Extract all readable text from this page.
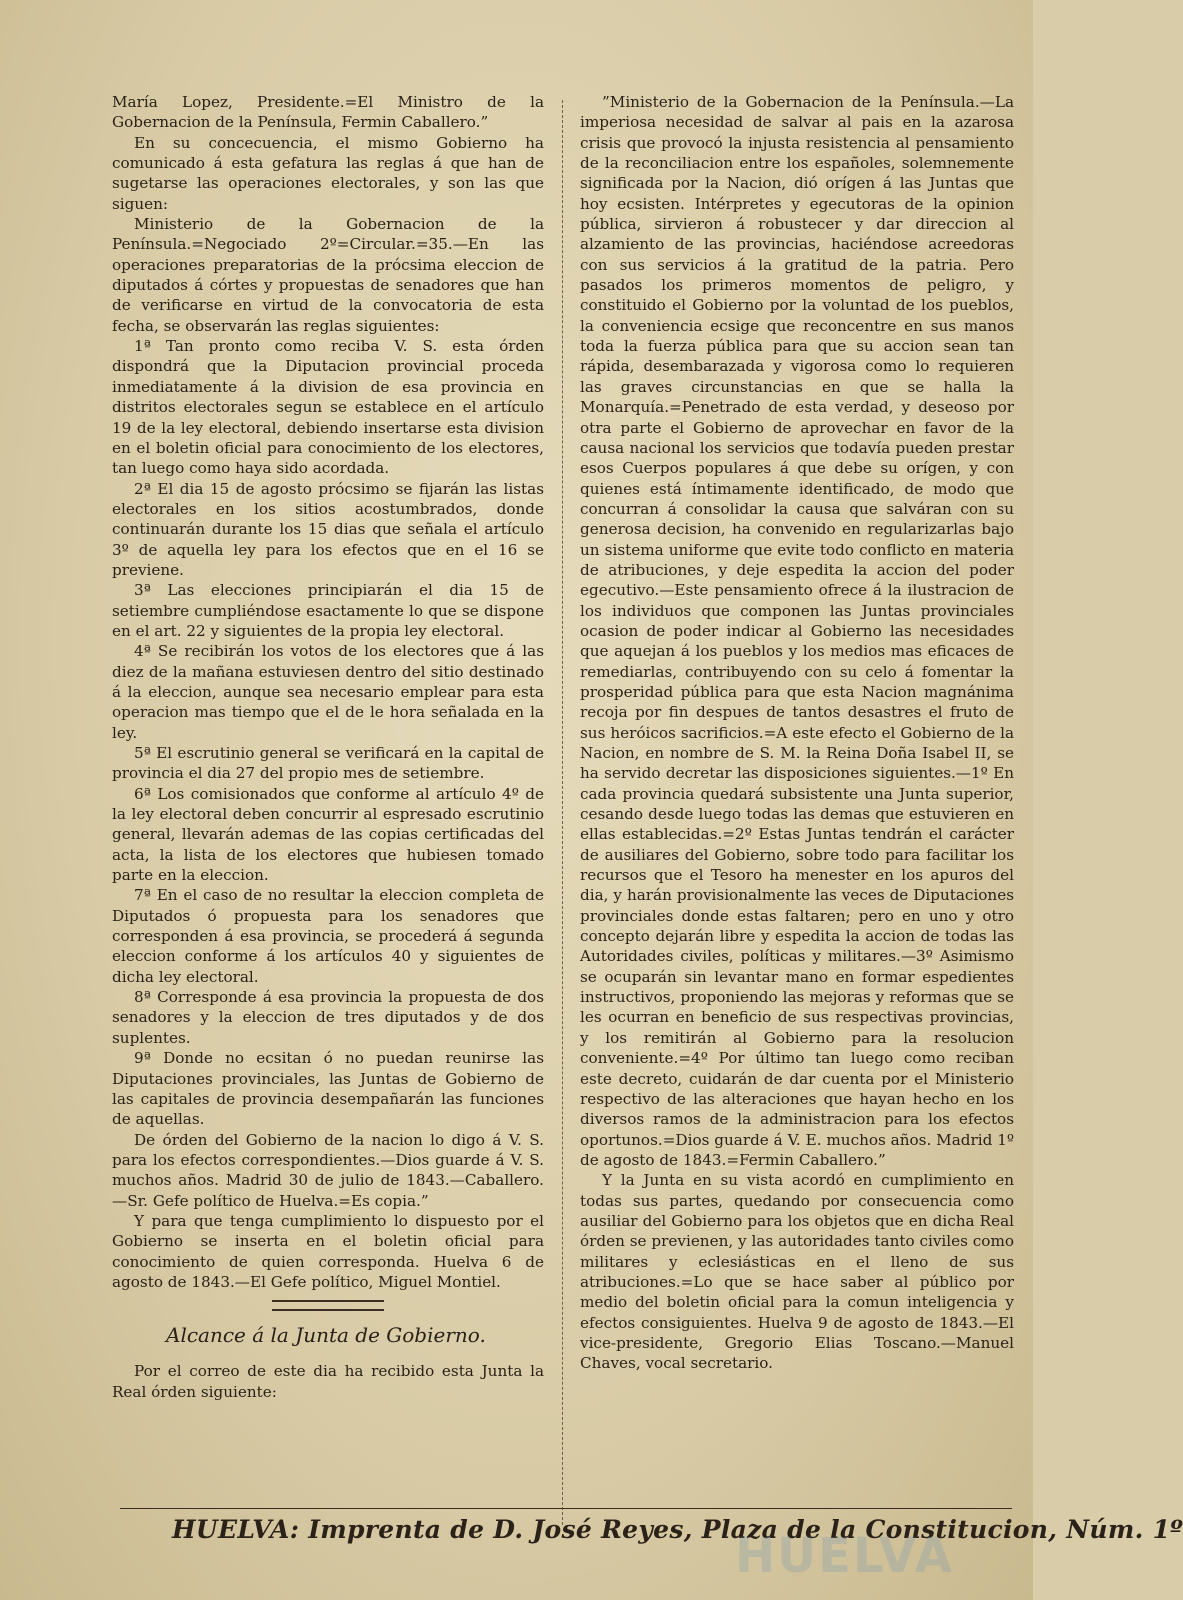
María Lopez, Presidente.=El Ministro de la Gobernacion de la Península, Fermin Caballero.”

En su concecuencia, el mismo Gobierno ha comunicado á esta gefatura las reglas á que han de sugetarse las operaciones electorales, y son las que siguen:

Ministerio de la Gobernacion de la Península.=Negociado 2º=Circular.=35.—En las operaciones preparatorias de la prócsima eleccion de diputados á córtes y propuestas de senadores que han de verificarse en virtud de la convocatoria de esta fecha, se observarán las reglas siguientes:

1ª Tan pronto como reciba V. S. esta órden dispondrá que la Diputacion provincial proceda inmediatamente á la division de esa provincia en distritos electorales segun se establece en el artículo 19 de la ley electoral, debiendo insertarse esta division en el boletin oficial para conocimiento de los electores, tan luego como haya sido acordada.

2ª El dia 15 de agosto prócsimo se fijarán las listas electorales en los sitios acostumbrados, donde continuarán durante los 15 dias que señala el artículo 3º de aquella ley para los efectos que en el 16 se previene.

3ª Las elecciones principiarán el dia 15 de setiembre cumpliéndose esactamente lo que se dispone en el art. 22 y siguientes de la propia ley electoral.

4ª Se recibirán los votos de los electores que á las diez de la mañana estuviesen dentro del sitio destinado á la eleccion, aunque sea necesario emplear para esta operacion mas tiempo que el de le hora señalada en la ley.

5ª El escrutinio general se verificará en la capital de provincia el dia 27 del propio mes de setiembre.

6ª Los comisionados que conforme al artículo 4º de la ley electoral deben concurrir al espresado escrutinio general, llevarán ademas de las copias certificadas del acta, la lista de los electores que hubiesen tomado parte en la eleccion.

7ª En el caso de no resultar la eleccion completa de Diputados ó propuesta para los senadores que corresponden á esa provincia, se procederá á segunda eleccion conforme á los artículos 40 y siguientes de dicha ley electoral.

8ª Corresponde á esa provincia la propuesta de dos senadores y la eleccion de tres diputados y de dos suplentes.

9ª Donde no ecsitan ó no puedan reunirse las Diputaciones provinciales, las Juntas de Gobierno de las capitales de provincia desempañarán las funciones de aquellas.

De órden del Gobierno de la nacion lo digo á V. S. para los efectos correspondientes.—Dios guarde á V. S. muchos años. Madrid 30 de julio de 1843.—Caballero.—Sr. Gefe político de Huelva.=Es copia.”

Y para que tenga cumplimiento lo dispuesto por el Gobierno se inserta en el boletin oficial para conocimiento de quien corresponda. Huelva 6 de agosto de 1843.—El Gefe político, Miguel Montiel.

Alcance á la Junta de Gobierno.

Por el correo de este dia ha recibido esta Junta la Real órden siguiente:

”Ministerio de la Gobernacion de la Península.—La imperiosa necesidad de salvar al pais en la azarosa crisis que provocó la injusta resistencia al pensamiento de la reconciliacion entre los españoles, solemnemente significada por la Nacion, dió orígen á las Juntas que hoy ecsisten. Intérpretes y egecutoras de la opinion pública, sirvieron á robustecer y dar direccion al alzamiento de las provincias, haciéndose acreedoras con sus servicios á la gratitud de la patria. Pero pasados los primeros momentos de peligro, y constituido el Gobierno por la voluntad de los pueblos, la conveniencia ecsige que reconcentre en sus manos toda la fuerza pública para que su accion sean tan rápida, desembarazada y vigorosa como lo requieren las graves circunstancias en que se halla la Monarquía.=Penetrado de esta verdad, y deseoso por otra parte el Gobierno de aprovechar en favor de la causa nacional los servicios que todavía pueden prestar esos Cuerpos populares á que debe su orígen, y con quienes está íntimamente identificado, de modo que concurran á consolidar la causa que salváran con su generosa decision, ha convenido en regularizarlas bajo un sistema uniforme que evite todo conflicto en materia de atribuciones, y deje espedita la accion del poder egecutivo.—Este pensamiento ofrece á la ilustracion de los individuos que componen las Juntas provinciales ocasion de poder indicar al Gobierno las necesidades que aquejan á los pueblos y los medios mas eficaces de remediarlas, contribuyendo con su celo á fomentar la prosperidad pública para que esta Nacion magnánima recoja por fin despues de tantos desastres el fruto de sus heróicos sacrificios.=A este efecto el Gobierno de la Nacion, en nombre de S. M. la Reina Doña Isabel II, se ha servido decretar las disposiciones siguientes.—1º En cada provincia quedará subsistente una Junta superior, cesando desde luego todas las demas que estuvieren en ellas establecidas.=2º Estas Juntas tendrán el carácter de ausiliares del Gobierno, sobre todo para facilitar los recursos que el Tesoro ha menester en los apuros del dia, y harán provisionalmente las veces de Diputaciones provinciales donde estas faltaren; pero en uno y otro concepto dejarán libre y espedita la accion de todas las Autoridades civiles, políticas y militares.—3º Asimismo se ocuparán sin levantar mano en formar espedientes instructivos, proponiendo las mejoras y reformas que se les ocurran en beneficio de sus respectivas provincias, y los remitirán al Gobierno para la resolucion conveniente.=4º Por último tan luego como reciban este decreto, cuidarán de dar cuenta por el Ministerio respectivo de las alteraciones que hayan hecho en los diversos ramos de la administracion para los efectos oportunos.=Dios guarde á V. E. muchos años. Madrid 1º de agosto de 1843.=Fermin Caballero.”

Y la Junta en su vista acordó en cumplimiento en todas sus partes, quedando por consecuencia como ausiliar del Gobierno para los objetos que en dicha Real órden se previenen, y las autoridades tanto civiles como militares y eclesiásticas en el lleno de sus atribuciones.=Lo que se hace saber al público por medio del boletin oficial para la comun inteligencia y efectos consiguientes. Huelva 9 de agosto de 1843.—El vice-presidente, Gregorio Elias Toscano.—Manuel Chaves, vocal secretario.

HUELVA: Imprenta de D. José Reyes, Plaza de la Constitucion, Núm. 1º
HUELVA
